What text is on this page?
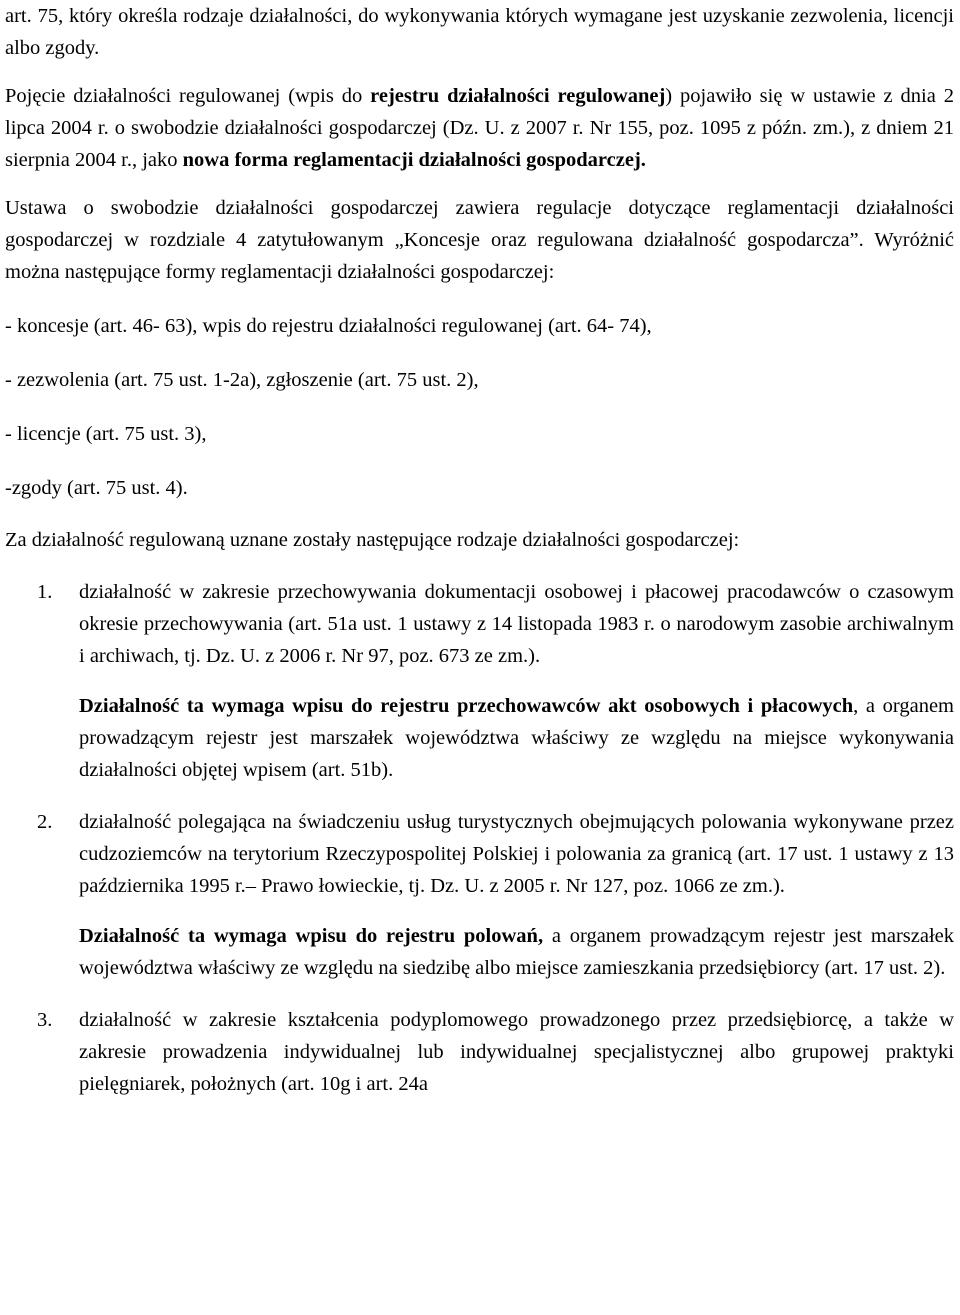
art. 75, który określa rodzaje działalności, do wykonywania których wymagane jest uzyskanie zezwolenia, licencji albo zgody.

Pojęcie działalności regulowanej (wpis do rejestru działalności regulowanej) pojawiło się w ustawie z dnia 2 lipca 2004 r. o swobodzie działalności gospodarczej (Dz. U. z 2007 r. Nr 155, poz. 1095 z późn. zm.), z dniem 21 sierpnia 2004 r., jako nowa forma reglamentacji działalności gospodarczej.

Ustawa o swobodzie działalności gospodarczej zawiera regulacje dotyczące reglamentacji działalności gospodarczej w rozdziale 4 zatytułowanym „Koncesje oraz regulowana działalność gospodarcza”. Wyróżnić można następujące formy reglamentacji działalności gospodarczej:

- koncesje (art. 46- 63), wpis do rejestru działalności regulowanej (art. 64- 74),

- zezwolenia (art. 75 ust. 1-2a), zgłoszenie (art. 75 ust. 2),

- licencje (art. 75 ust. 3),

-zgody (art. 75 ust. 4).

Za działalność regulowaną uznane zostały następujące rodzaje działalności gospodarczej:

1.	działalność w zakresie przechowywania dokumentacji osobowej i płacowej pracodawców o czasowym okresie przechowywania (art. 51a ust. 1 ustawy z 14 listopada 1983 r. o narodowym zasobie archiwalnym i archiwach, tj. Dz. U. z 2006 r. Nr 97, poz. 673 ze zm.).

Działalność ta wymaga wpisu do rejestru przechowawców akt osobowych i płacowych, a organem prowadzącym rejestr jest marszałek województwa właściwy ze względu na miejsce wykonywania działalności objętej wpisem (art. 51b).

2.	działalność polegająca na świadczeniu usług turystycznych obejmujących polowania wykonywane przez cudzoziemców na terytorium Rzeczypospolitej Polskiej i polowania za granicą (art. 17 ust. 1 ustawy z 13 października 1995 r.– Prawo łowieckie, tj. Dz. U. z 2005 r. Nr 127, poz. 1066 ze zm.).

Działalność ta wymaga wpisu do rejestru polowań, a organem prowadzącym rejestr jest marszałek województwa właściwy ze względu na siedzibę albo miejsce zamieszkania przedsiębiorcy (art. 17 ust. 2).

3.	działalność w zakresie kształcenia podyplomowego prowadzonego przez przedsiębiorcę, a także w zakresie prowadzenia indywidualnej lub indywidualnej specjalistycznej albo grupowej praktyki pielęgniarek, położnych (art. 10g i art. 24a
